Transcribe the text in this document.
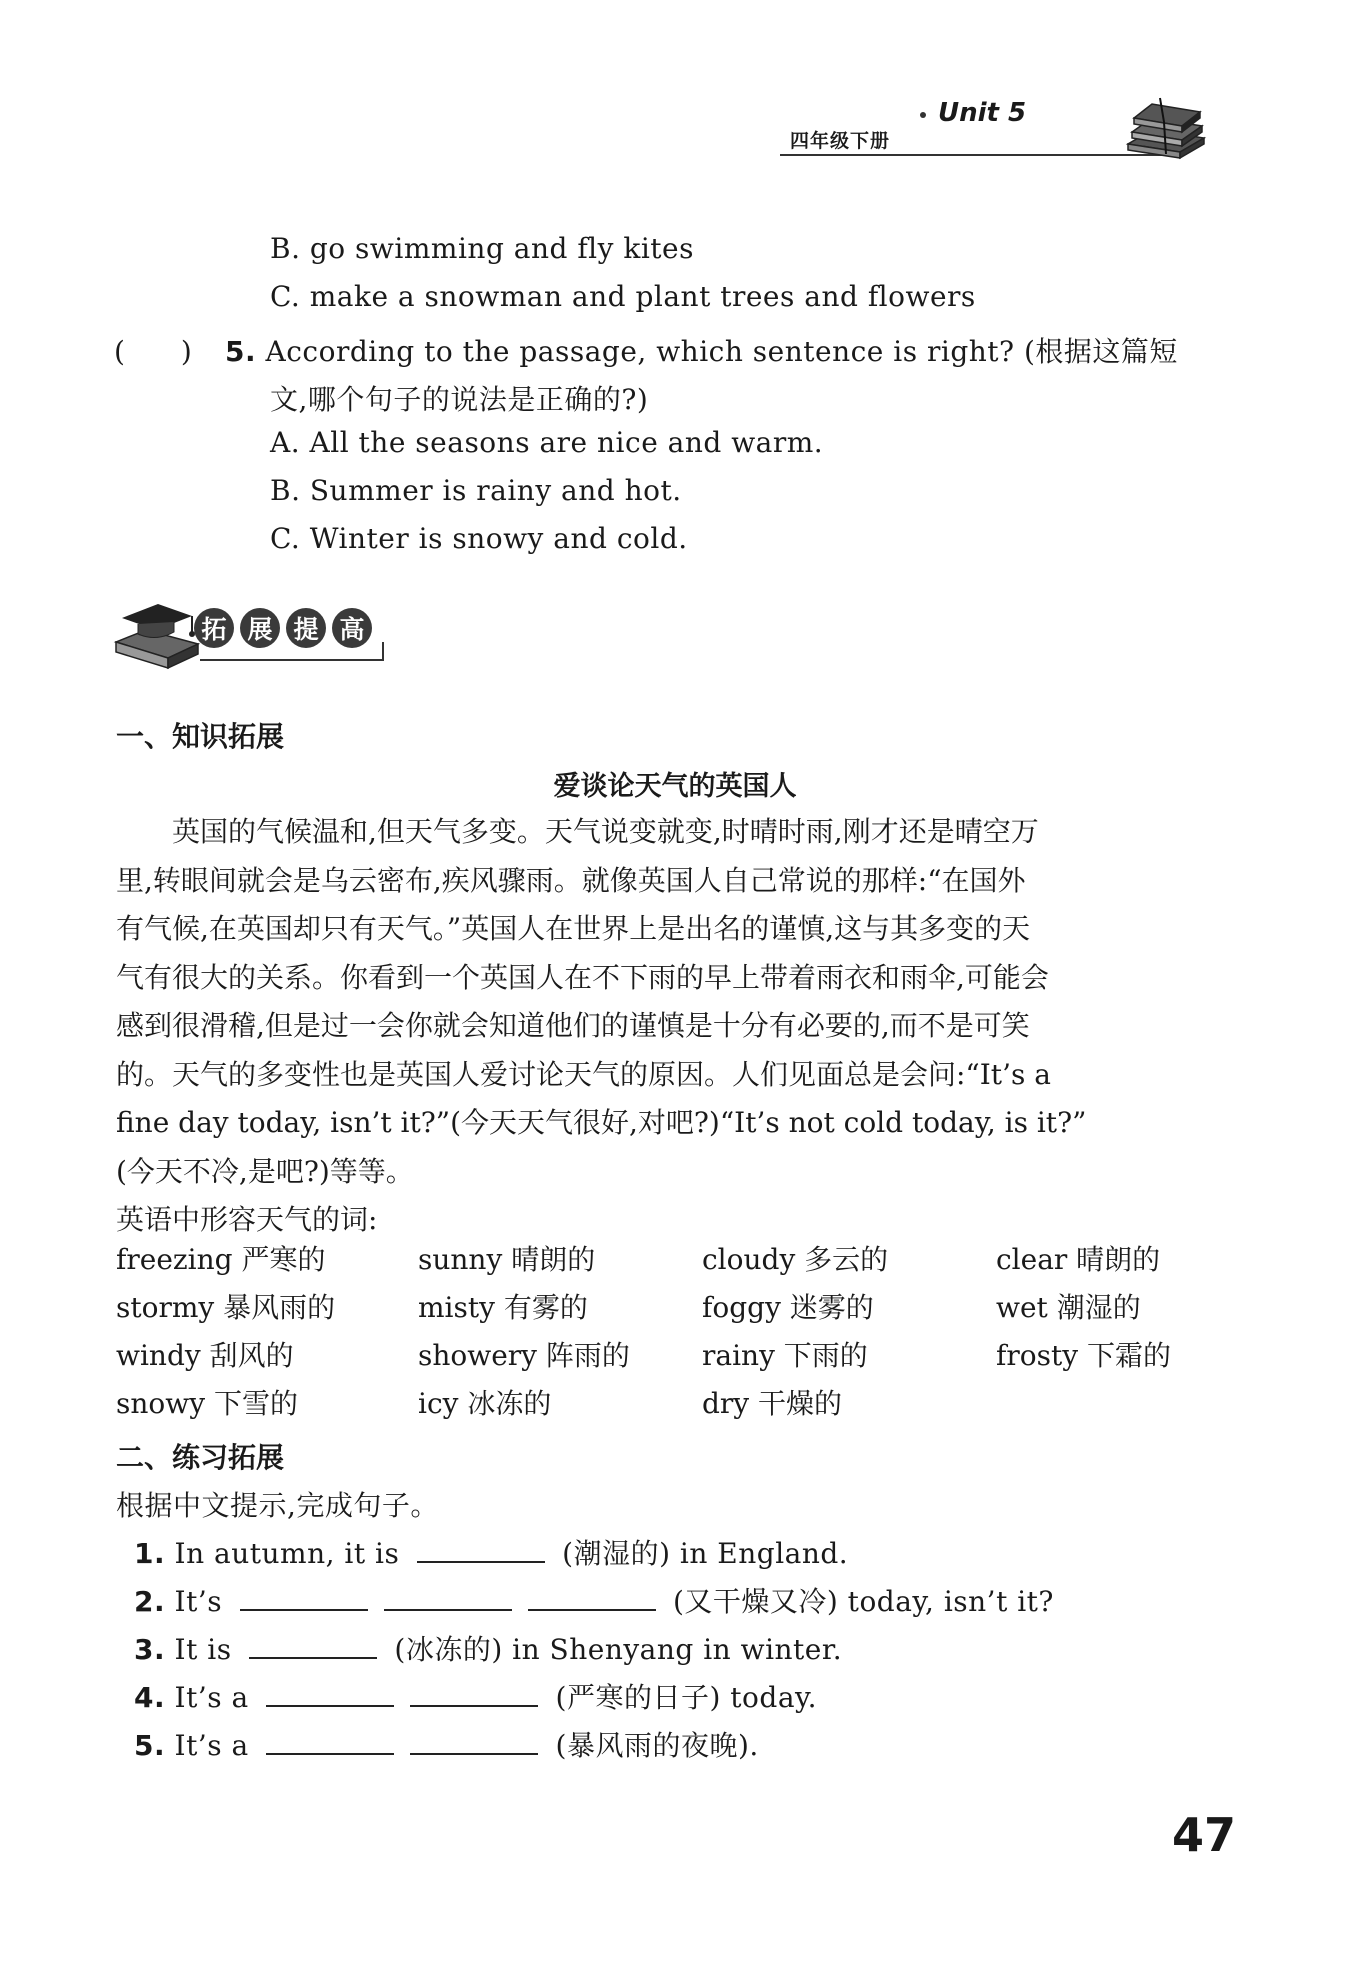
四年级下册
Unit 5
B. go swimming and fly kites
C. make a snowman and plant trees and flowers
(　　) 5. According to the passage, which sentence is right? (根据这篇短
文,哪个句子的说法是正确的?)
A. All the seasons are nice and warm.
B. Summer is rainy and hot.
C. Winter is snowy and cold.
拓 展 提 高
一、知识拓展
爱谈论天气的英国人
　　英国的气候温和,但天气多变。天气说变就变,时晴时雨,刚才还是晴空万
里,转眼间就会是乌云密布,疾风骤雨。就像英国人自己常说的那样:“在国外
有气候,在英国却只有天气。”英国人在世界上是出名的谨慎,这与其多变的天
气有很大的关系。你看到一个英国人在不下雨的早上带着雨衣和雨伞,可能会
感到很滑稽,但是过一会你就会知道他们的谨慎是十分有必要的,而不是可笑
的。天气的多变性也是英国人爱讨论天气的原因。人们见面总是会问:“It’s a
fine day today, isn’t it?”(今天天气很好,对吧?)“It’s not cold today, is it?”
(今天不冷,是吧?)等等。
英语中形容天气的词:
freezing 严寒的	sunny 晴朗的	cloudy 多云的	clear 晴朗的
stormy 暴风雨的	misty 有雾的	foggy 迷雾的	wet 潮湿的
windy 刮风的	showery 阵雨的	rainy 下雨的	frosty 下霜的
snowy 下雪的	icy 冰冻的	dry 干燥的
二、练习拓展
根据中文提示,完成句子。
1. In autumn, it is	(潮湿的) in England.
2. It’s	(又干燥又冷) today, isn’t it?
3. It is	(冰冻的) in Shenyang in winter.
4. It’s a	(严寒的日子) today.
5. It’s a	(暴风雨的夜晚).
47
